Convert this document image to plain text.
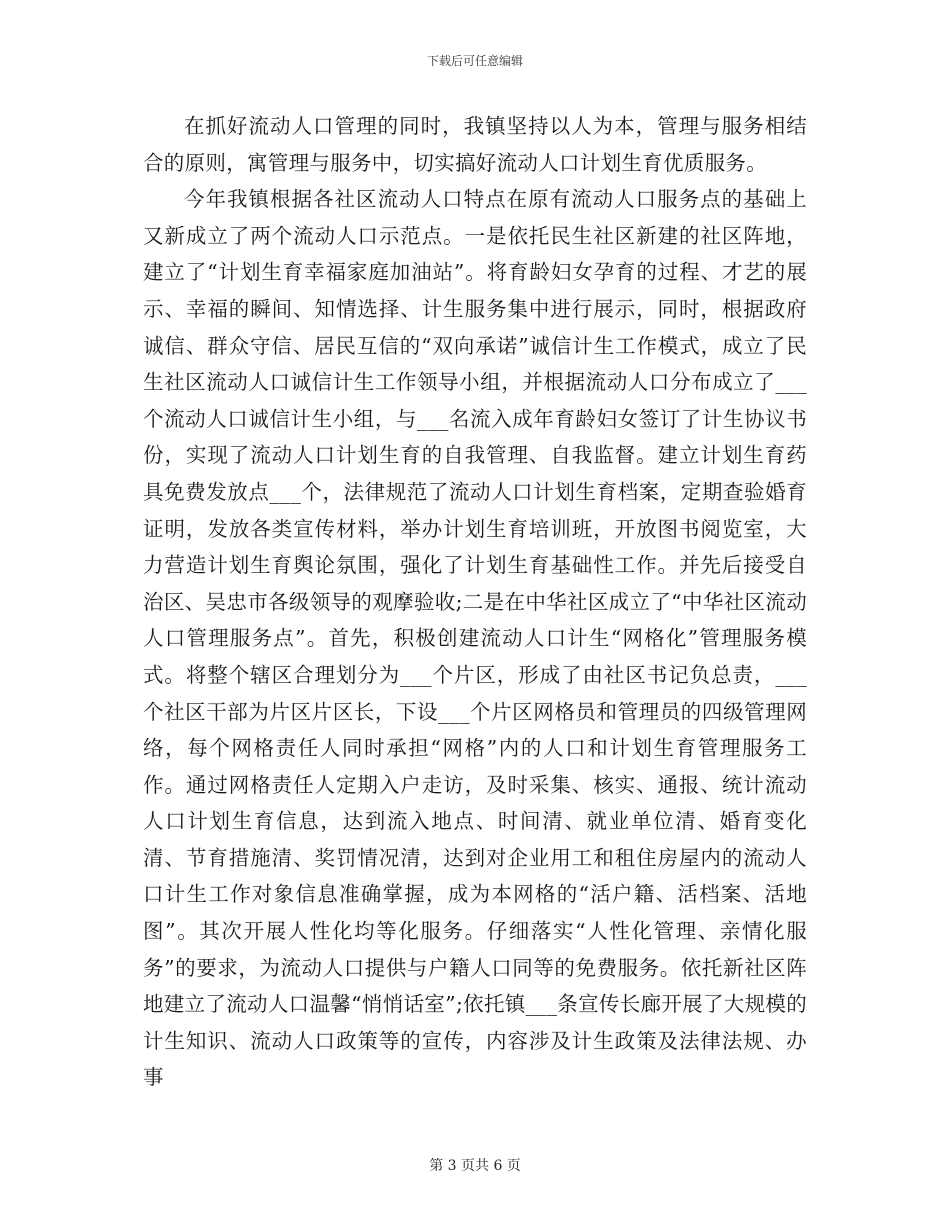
下载后可任意编辑

在抓好流动人口管理的同时，我镇坚持以人为本，管理与服务相结合的原则，寓管理与服务中，切实搞好流动人口计划生育优质服务。

今年我镇根据各社区流动人口特点在原有流动人口服务点的基础上又新成立了两个流动人口示范点。一是依托民生社区新建的社区阵地，建立了“计划生育幸福家庭加油站”。将育龄妇女孕育的过程、才艺的展示、幸福的瞬间、知情选择、计生服务集中进行展示，同时，根据政府诚信、群众守信、居民互信的“双向承诺”诚信计生工作模式，成立了民生社区流动人口诚信计生工作领导小组，并根据流动人口分布成立了___个流动人口诚信计生小组，与___名流入成年育龄妇女签订了计生协议书份，实现了流动人口计划生育的自我管理、自我监督。建立计划生育药具免费发放点___个，法律规范了流动人口计划生育档案，定期查验婚育证明，发放各类宣传材料，举办计划生育培训班，开放图书阅览室，大力营造计划生育舆论氛围，强化了计划生育基础性工作。并先后接受自治区、吴忠市各级领导的观摩验收;二是在中华社区成立了“中华社区流动人口管理服务点”。首先，积极创建流动人口计生“网格化”管理服务模式。将整个辖区合理划分为___个片区，形成了由社区书记负总责，___个社区干部为片区片区长，下设___个片区网格员和管理员的四级管理网络，每个网格责任人同时承担“网格”内的人口和计划生育管理服务工作。通过网格责任人定期入户走访，及时采集、核实、通报、统计流动人口计划生育信息，达到流入地点、时间清、就业单位清、婚育变化清、节育措施清、奖罚情况清，达到对企业用工和租住房屋内的流动人口计生工作对象信息准确掌握，成为本网格的“活户籍、活档案、活地图”。其次开展人性化均等化服务。仔细落实“人性化管理、亲情化服务”的要求，为流动人口提供与户籍人口同等的免费服务。依托新社区阵地建立了流动人口温馨“悄悄话室”;依托镇___条宣传长廊开展了大规模的计生知识、流动人口政策等的宣传，内容涉及计生政策及法律法规、办事

第 3 页共 6 页
